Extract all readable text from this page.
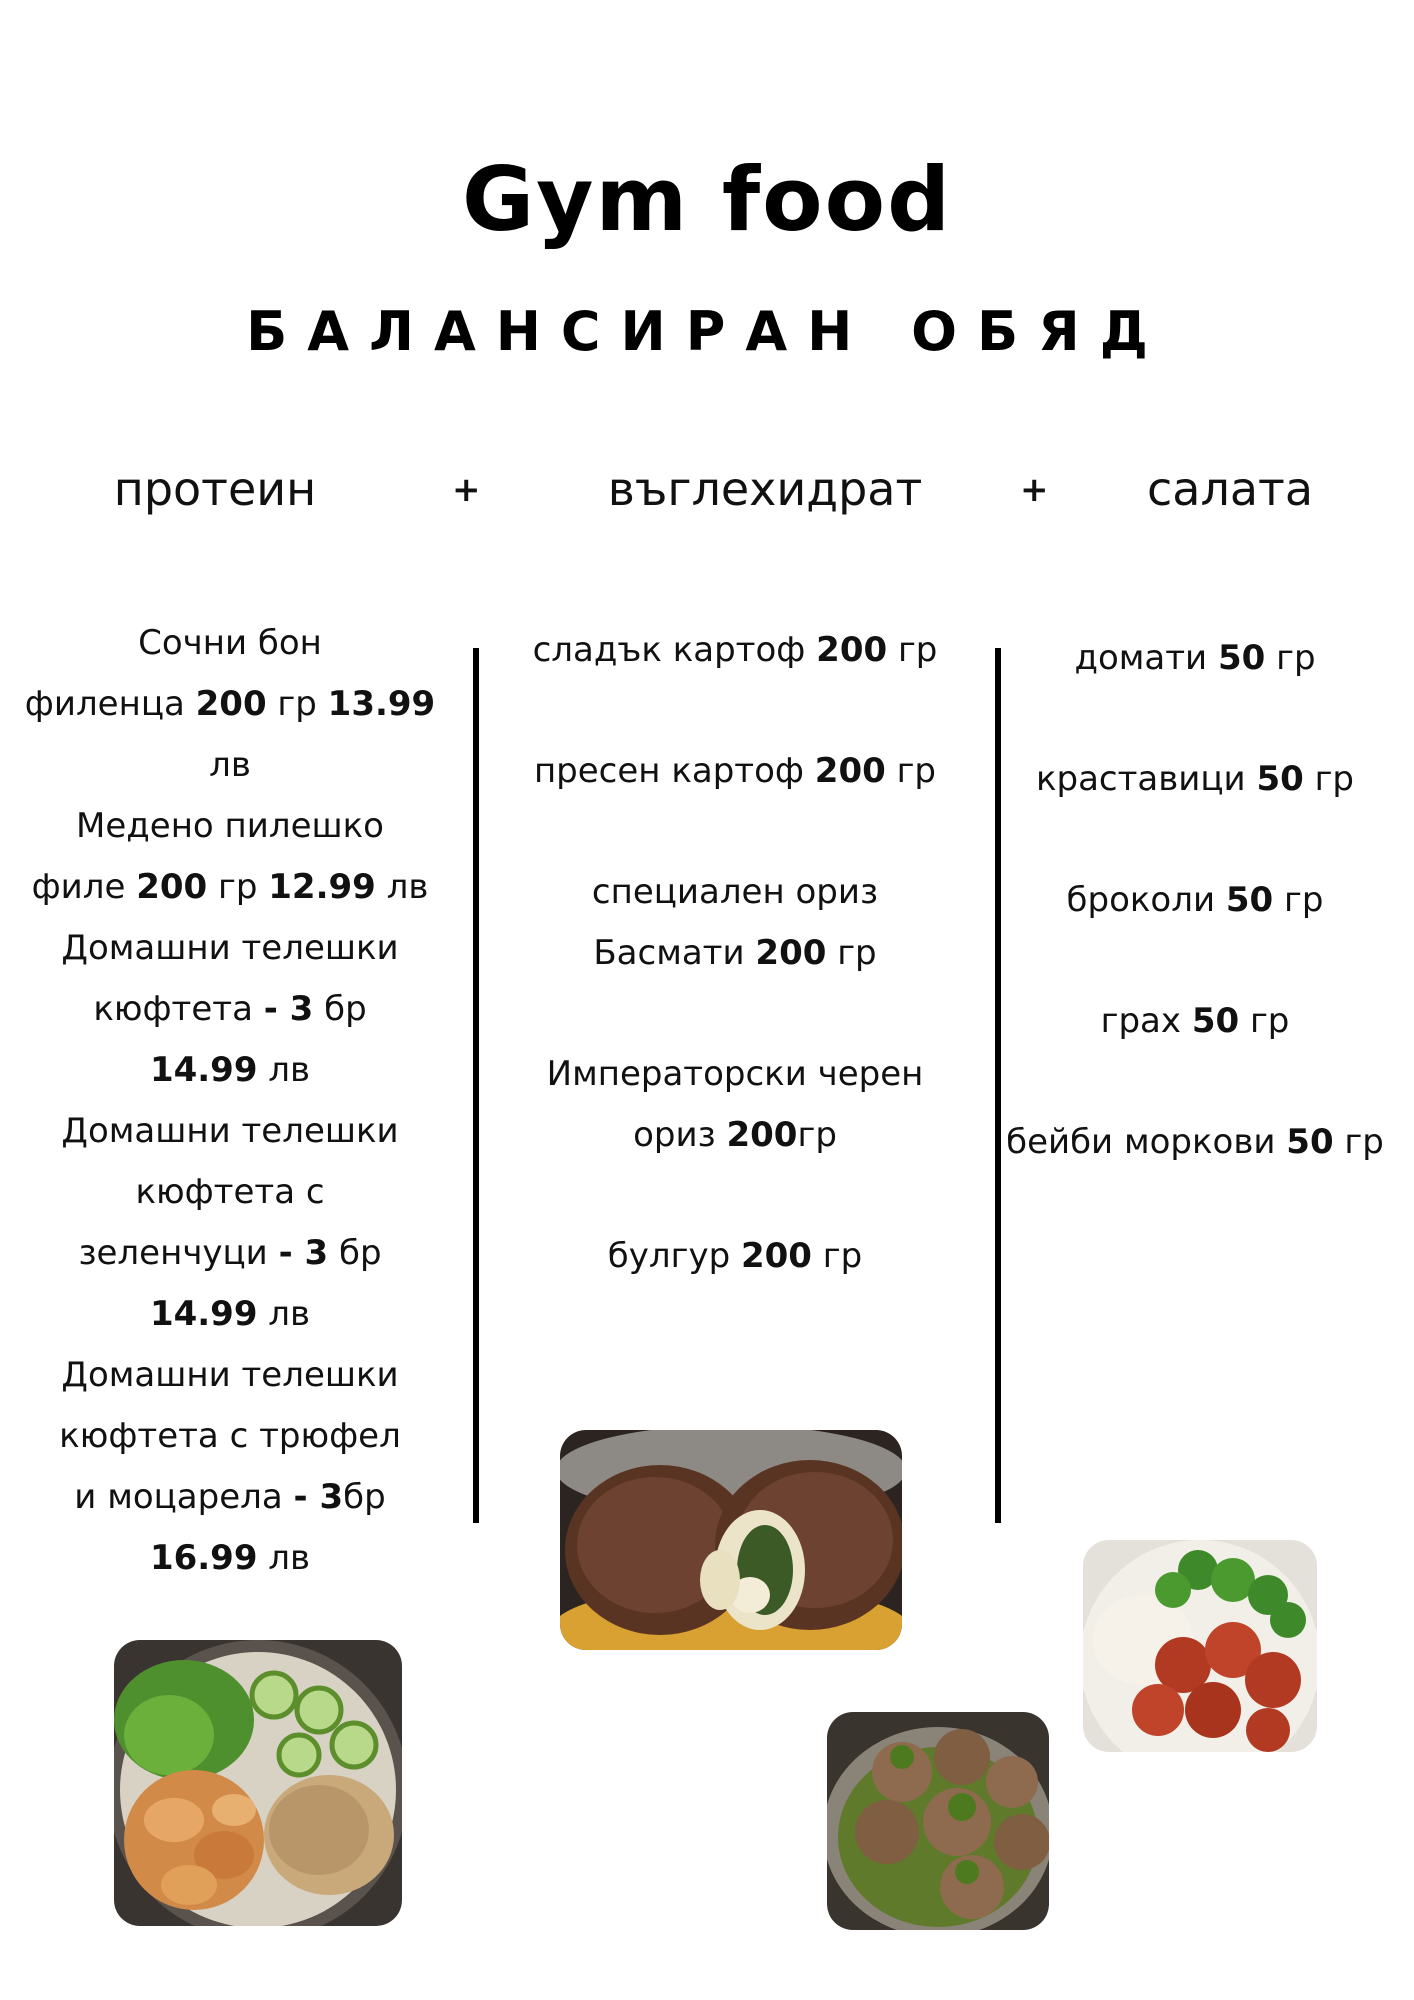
Gym food
БАЛАНСИРАН ОБЯД
протеин	+	въглехидрат	+	салата
Сочни бон
филенца 200 гр 13.99 лв
Медено пилешко
филе 200 гр 12.99 лв
Домашни телешки
кюфтета - 3 бр
14.99 лв
Домашни телешки
кюфтета с
зеленчуци - 3 бр
14.99 лв
Домашни телешки
кюфтета с трюфел
и моцарела - 3бр
16.99 лв
сладък картоф 200 гр
пресен картоф 200 гр
специален ориз
Басмати 200 гр
Императорски черен
ориз 200гр
булгур 200 гр
домати 50 гр
краставици 50 гр
броколи 50 гр
грах 50 гр
бейби моркови 50 гр
